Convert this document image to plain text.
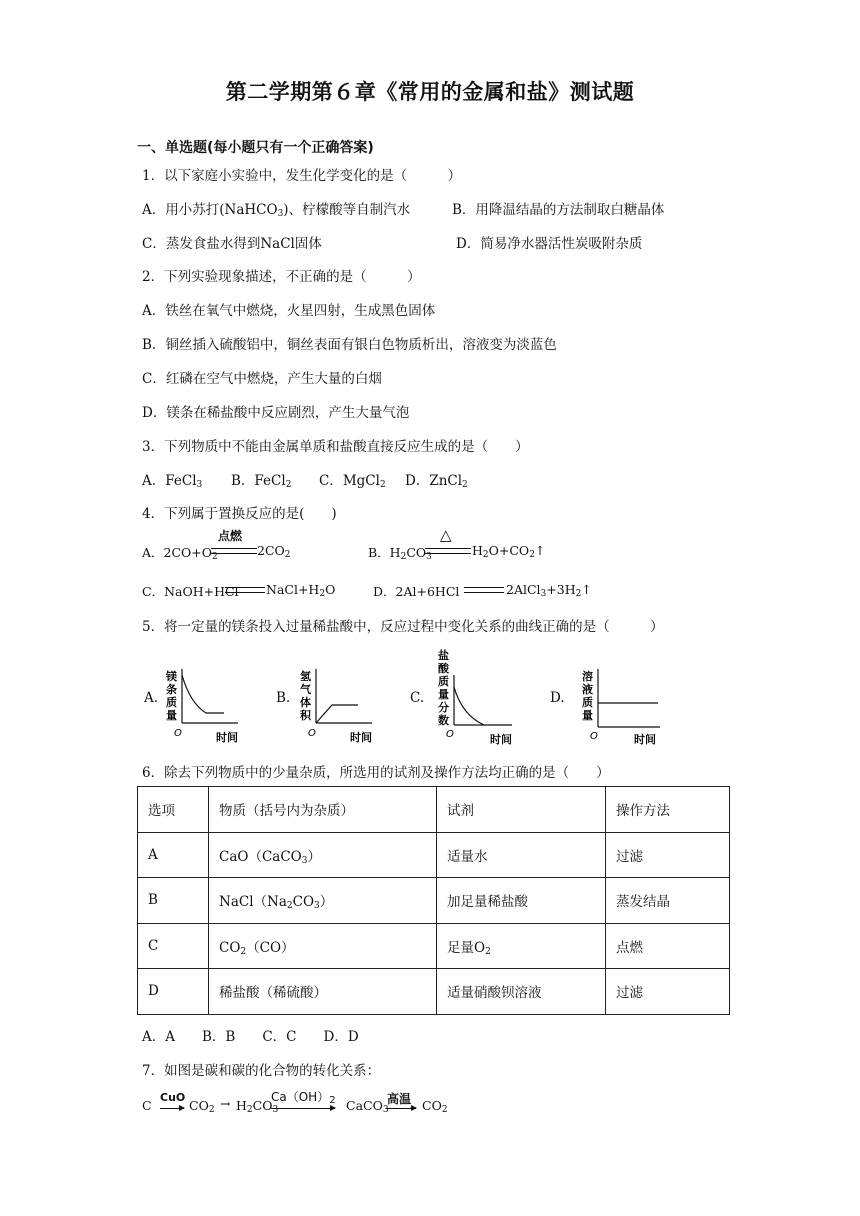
第二学期第６章《常用的金属和盐》测试题
一、单选题(每小题只有一个正确答案)
1．以下家庭小实验中，发生化学变化的是（　　　）
A．用小苏打(NaHCO$_3$)、柠檬酸等自制汽水	B．用降温结晶的方法制取白糖晶体
C．蒸发食盐水得到NaCl固体	D．简易净水器活性炭吸附杂质
2．下列实验现象描述，不正确的是（　　　）
A．铁丝在氧气中燃烧，火星四射，生成黑色固体
B．铜丝插入硫酸铝中，铜丝表面有银白色物质析出，溶液变为淡蓝色
C．红磷在空气中燃烧，产生大量的白烟
D．镁条在稀盐酸中反应剧烈，产生大量气泡
3．下列物质中不能由金属单质和盐酸直接反应生成的是（　　）
A．FeCl$_3$ B．FeCl$_2$ C．MgCl$_2$ D．ZnCl$_2$
4．下列属于置换反应的是(　　)
A．$2CO+O_2$
点燃
$2CO_2$	B．$H_2CO_3$
△
$H_2O+CO_2↑$
C．NaOH+HCl $NaCl+H_2O$	D．2Al+6HCl	$2AlCl_3+3H_2↑$
5．将一定量的镁条投入过量稀盐酸中，反应过程中变化关系的曲线正确的是（　　　）
A.
镁
条
质
量
O	时间
B.
氢
气
体
积
O	时间
C.
盐
酸
质
量
分
数
O	时间
D.
溶
液
质
量
O	时间
6．除去下列物质中的少量杂质，所选用的试剂及操作方法均正确的是（　　）
选项	物质（括号内为杂质）	试剂	操作方法
A	CaO（CaCO$_3$）	适量水	过滤
B	$NaCl(Na_2CO_3)$	加足量稀盐酸	蒸发结晶
C	$CO_2(CO)$	足量$O_2$	点燃
D	稀盐酸（稀硫酸）	适量硝酸钡溶液	过滤
A．A　　B．B　　C．C　　D．D
7．如图是碳和碳的化合物的转化关系：
C
CuO
$CO_2 \to H_2CO_3$
$Ca(OH)_2$ CaCO$_3$
高温 $CO_2$
